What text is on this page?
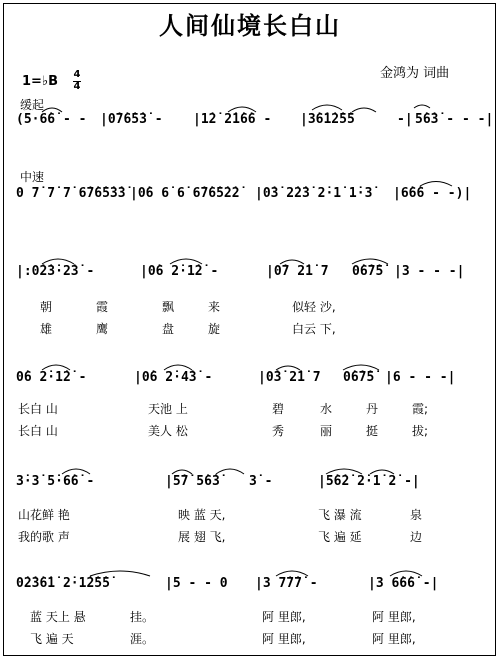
人间仙境长白山
金鸿为 词曲
1=♭B 4
4
缓起
中速
(5·6̇6̇ - - |0̇7̇6̇5̇3̇ - |1̇2̇ 2̇1̇6̇6 - |3̇6̇1̇2̇5̇5	-| 5̇6̇3̇ - - -|
0 7̇ 7̇ 7̇ 6̇7̇6̇5̇3̇3̇ |0̇6 6̇ 6̇ 6̇7̇6̇5̇2̇2̇ |0̇3̇ 2̇2̇3̇ 2̇·1̇ 1̇·3̇ |6̇6̇6 - -)|
|:0̇2̇3̇·2̇3̇ -	|0̇6 2̇·1̇2̇ -	|0̇7 2̇1̇ 7 0̇6̇7̇5̇ |3 - - -|
0̇6 2̇·1̇2̇ -	|0̇6 2̇·4̇3̇ -	|0̇3̇ 2̇1̇ 7 0̇6̇7̇5̇ |6 - - -|
3̇·3̇ 5̇·6̇6̇ -	|5̇7̇ 5̇6̇3̇ 3̇ -	|5̇6̇2̇ 2̇·1̇ 2̇ -|
0̇2̇3̇6̇1̇ 2̇·1̇2̇5̇5̇	|5 - - 0 |3 7̇7̇7̇ -	|3 6̇6̇6̇ -|
朝	霞	飘	来	似轻 沙,
雄	鹰	盘	旋	白云 下,
长白 山	天池 上	碧	水	丹	霞;
长白 山	美人 松	秀	丽	挺	拔;
山花鲜 艳	映 蓝 天,	飞 瀑 流	泉
我的歌 声	展 翅 飞,	飞 遍 延	边
蓝 天上 悬	挂。	阿 里郎,	阿 里郎,
飞 遍 天	涯。	阿 里郎,	阿 里郎,
